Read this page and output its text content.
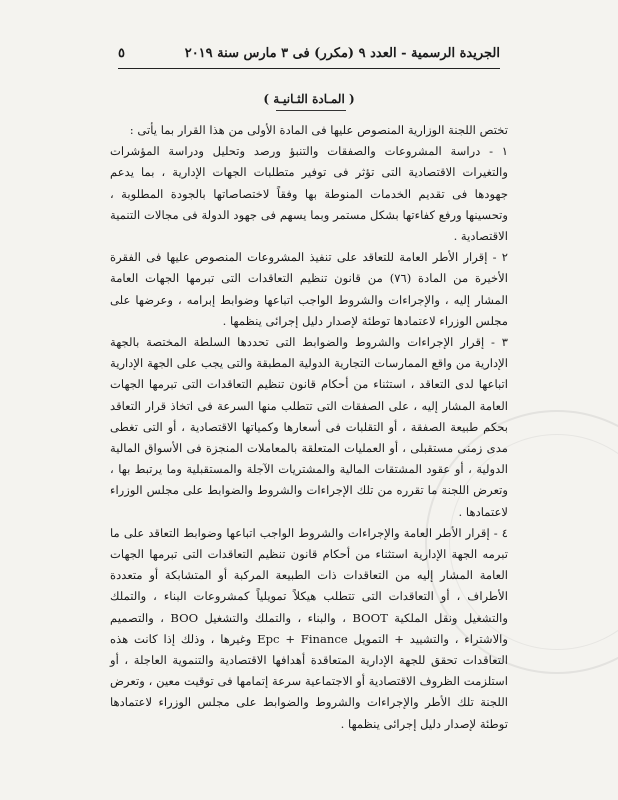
الجريدة الرسمية - العدد ٩ (مكرر) فى ٣ مارس سنة ٢٠١٩
٥
( المـادة الثـانيـة )

تختص اللجنة الوزارية المنصوص عليها فى المادة الأولى من هذا القرار بما يأتى :

١ - دراسة المشروعات والصفقات والتنبؤ ورصد وتحليل ودراسة المؤشرات والتغيرات الاقتصادية التى تؤثر فى توفير متطلبات الجهات الإدارية ، بما يدعم جهودها فى تقديم الخدمات المنوطة بها وفقاً لاختصاصاتها بالجودة المطلوبة ، وتحسينها ورفع كفاءتها بشكل مستمر وبما يسهم فى جهود الدولة فى مجالات التنمية الاقتصادية .

٢ - إقرار الأطر العامة للتعاقد على تنفيذ المشروعات المنصوص عليها فى الفقرة الأخيرة من المادة (٧٦) من قانون تنظيم التعاقدات التى تبرمها الجهات العامة المشار إليه ، والإجراءات والشروط الواجب اتباعها وضوابط إبرامه ، وعرضها على مجلس الوزراء لاعتمادها توطئة لإصدار دليل إجرائى ينظمها .

٣ - إقرار الإجراءات والشروط والضوابط التى تحددها السلطة المختصة بالجهة الإدارية من واقع الممارسات التجارية الدولية المطبقة والتى يجب على الجهة الإدارية اتباعها لدى التعاقد ، استثناء من أحكام قانون تنظيم التعاقدات التى تبرمها الجهات العامة المشار إليه ، على الصفقات التى تتطلب منها السرعة فى اتخاذ قرار التعاقد بحكم طبيعة الصفقة ، أو التقلبات فى أسعارها وكمياتها الاقتصادية ، أو التى تغطى مدى زمنى مستقبلى ، أو العمليات المتعلقة بالمعاملات المنجزة فى الأسواق المالية الدولية ، أو عقود المشتقات المالية والمشتريات الآجلة والمستقبلية وما يرتبط بها ، وتعرض اللجنة ما تقرره من تلك الإجراءات والشروط والضوابط على مجلس الوزراء لاعتمادها .

٤ - إقرار الأطر العامة والإجراءات والشروط الواجب اتباعها وضوابط التعاقد على ما تبرمه الجهة الإدارية استثناء من أحكام قانون تنظيم التعاقدات التى تبرمها الجهات العامة المشار إليه من التعاقدات ذات الطبيعة المركبة أو المتشابكة أو متعددة الأطراف ، أو التعاقدات التى تتطلب هيكلاً تمويلياً كمشروعات البناء ، والتملك والتشغيل ونقل الملكية BOOT ، والبناء ، والتملك والتشغيل BOO ، والتصميم والاشتراء ، والتشييد + التمويل Epc + Finance وغيرها ، وذلك إذا كانت هذه التعاقدات تحقق للجهة الإدارية المتعاقدة أهدافها الاقتصادية والتنموية العاجلة ، أو استلزمت الظروف الاقتصادية أو الاجتماعية سرعة إتمامها فى توقيت معين ، وتعرض اللجنة تلك الأطر والإجراءات والشروط والضوابط على مجلس الوزراء لاعتمادها توطئة لإصدار دليل إجرائى ينظمها .
